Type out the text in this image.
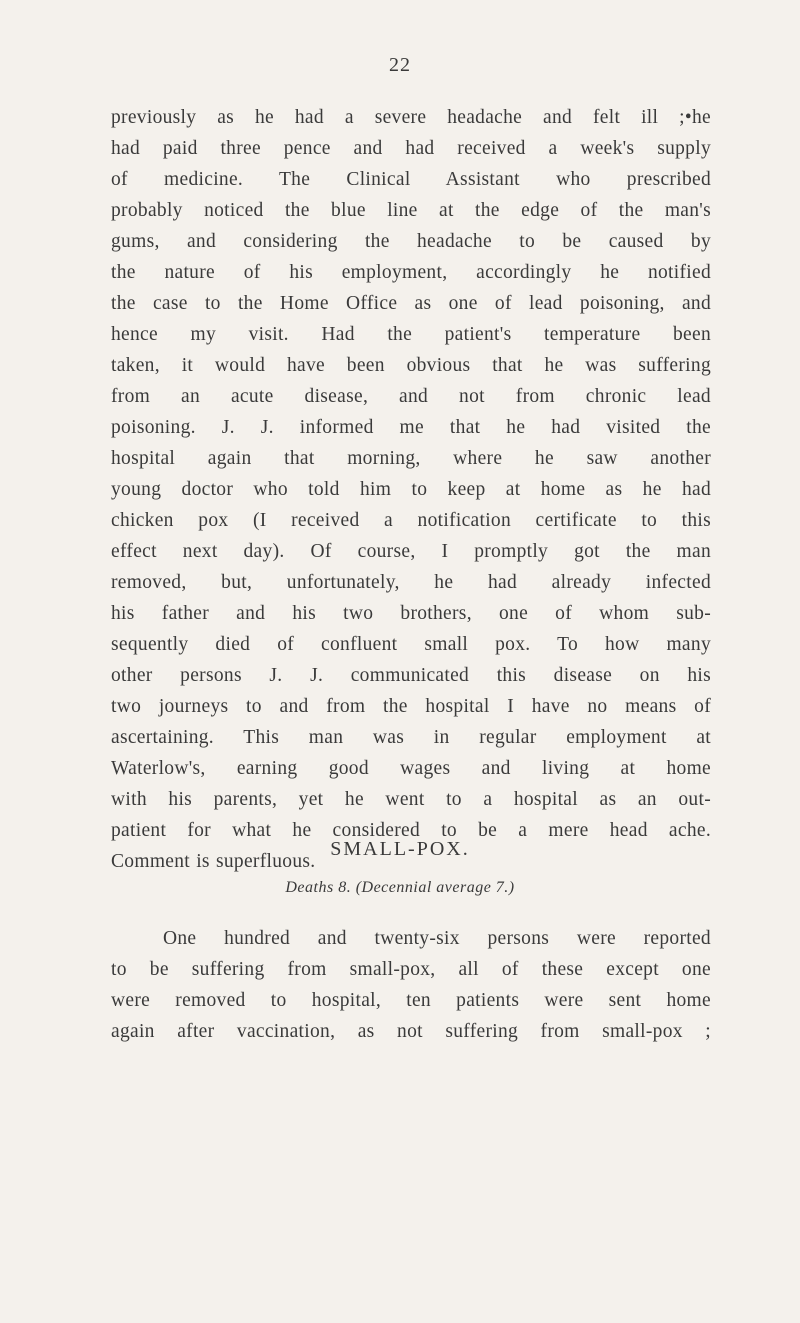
22
previously as he had a severe headache and felt ill ;•he
had paid three pence and had received a week's supply
of medicine. The Clinical Assistant who prescribed
probably noticed the blue line at the edge of the man's
gums, and considering the headache to be caused by
the nature of his employment, accordingly he notified
the case to the Home Office as one of lead poisoning, and
hence my visit. Had the patient's temperature been
taken, it would have been obvious that he was suffering
from an acute disease, and not from chronic lead
poisoning. J. J. informed me that he had visited the
hospital again that morning, where he saw another
young doctor who told him to keep at home as he had
chicken pox (I received a notification certificate to this
effect next day). Of course, I promptly got the man
removed, but, unfortunately, he had already infected
his father and his two brothers, one of whom sub-
sequently died of confluent small pox. To how many
other persons J. J. communicated this disease on his
two journeys to and from the hospital I have no means of
ascertaining. This man was in regular employment at
Waterlow's, earning good wages and living at home
with his parents, yet he went to a hospital as an out-
patient for what he considered to be a mere head ache.
Comment is superfluous.
SMALL-POX.
Deaths 8. (Decennial average 7.)
One hundred and twenty-six persons were reported
to be suffering from small-pox, all of these except one
were removed to hospital, ten patients were sent home
again after vaccination, as not suffering from small-pox ;
